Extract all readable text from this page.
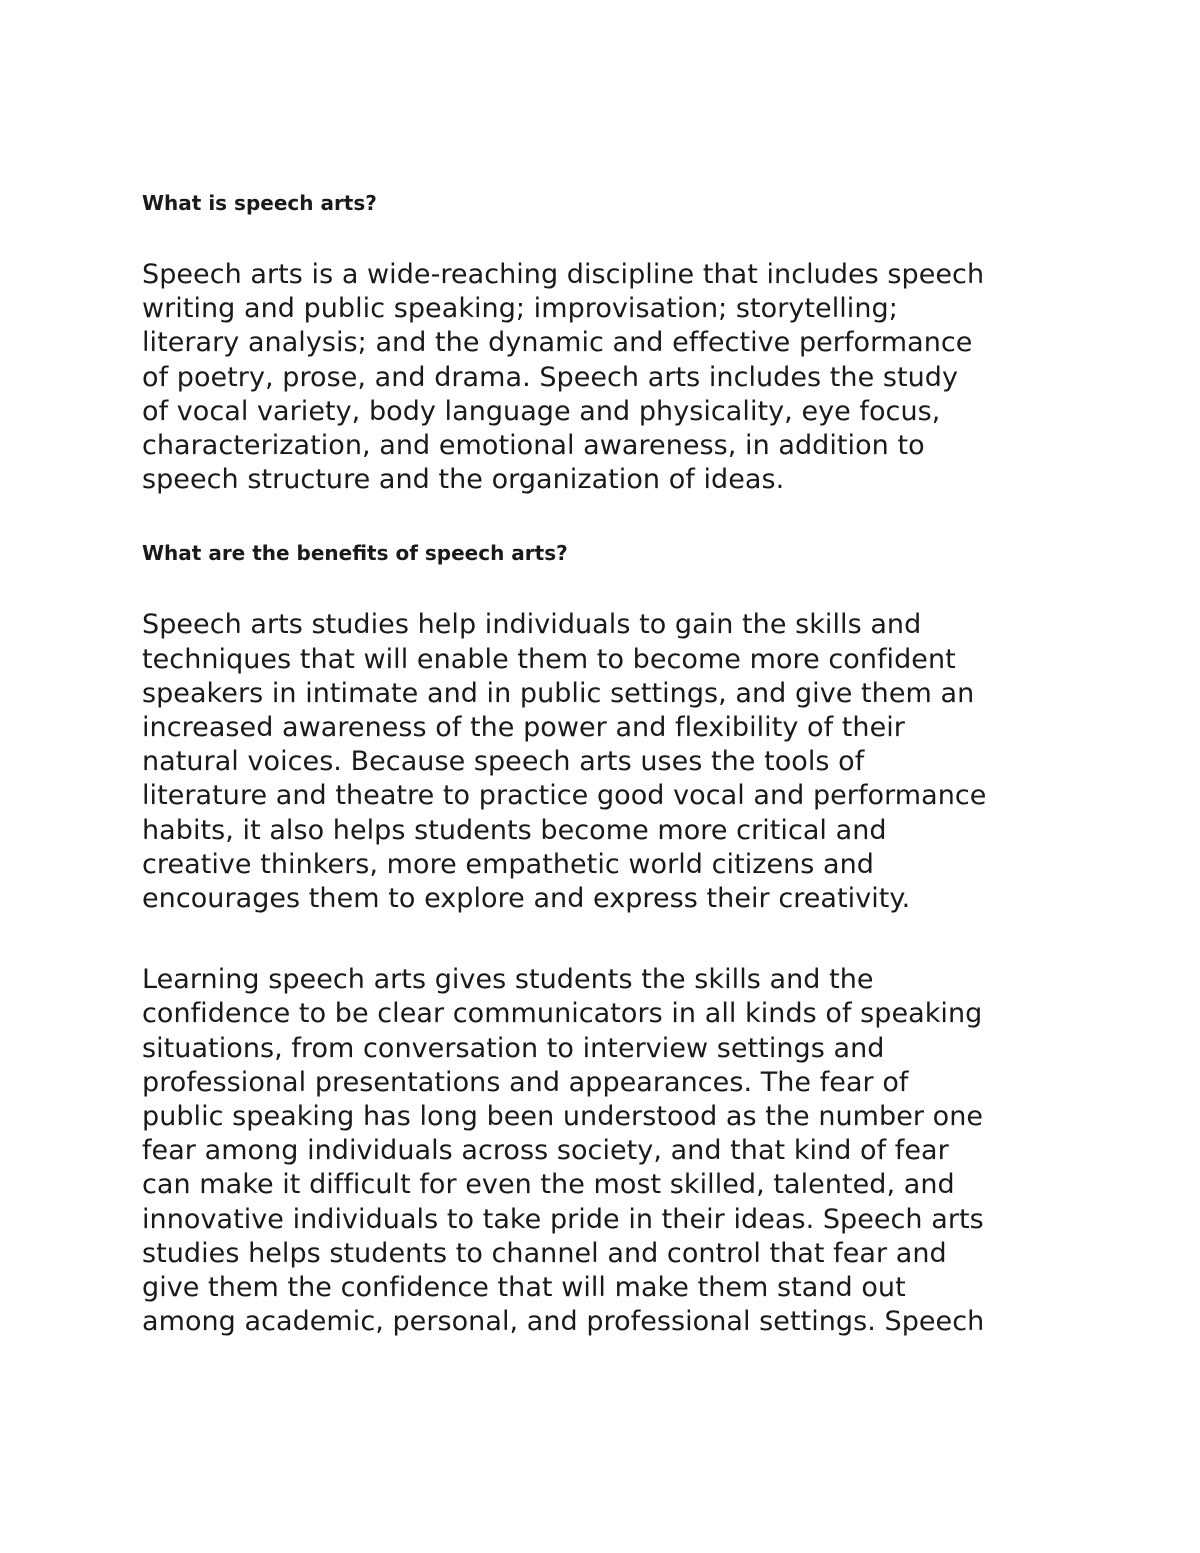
What is speech arts?

Speech arts is a wide-reaching discipline that includes speech
writing and public speaking; improvisation; storytelling;
literary analysis; and the dynamic and effective performance
of poetry, prose, and drama. Speech arts includes the study
of vocal variety, body language and physicality, eye focus,
characterization, and emotional awareness, in addition to
speech structure and the organization of ideas.

What are the benefits of speech arts?

Speech arts studies help individuals to gain the skills and
techniques that will enable them to become more confident
speakers in intimate and in public settings, and give them an
increased awareness of the power and flexibility of their
natural voices. Because speech arts uses the tools of
literature and theatre to practice good vocal and performance
habits, it also helps students become more critical and
creative thinkers, more empathetic world citizens and
encourages them to explore and express their creativity.

Learning speech arts gives students the skills and the
confidence to be clear communicators in all kinds of speaking
situations, from conversation to interview settings and
professional presentations and appearances. The fear of
public speaking has long been understood as the number one
fear among individuals across society, and that kind of fear
can make it difficult for even the most skilled, talented, and
innovative individuals to take pride in their ideas. Speech arts
studies helps students to channel and control that fear and
give them the confidence that will make them stand out
among academic, personal, and professional settings. Speech
